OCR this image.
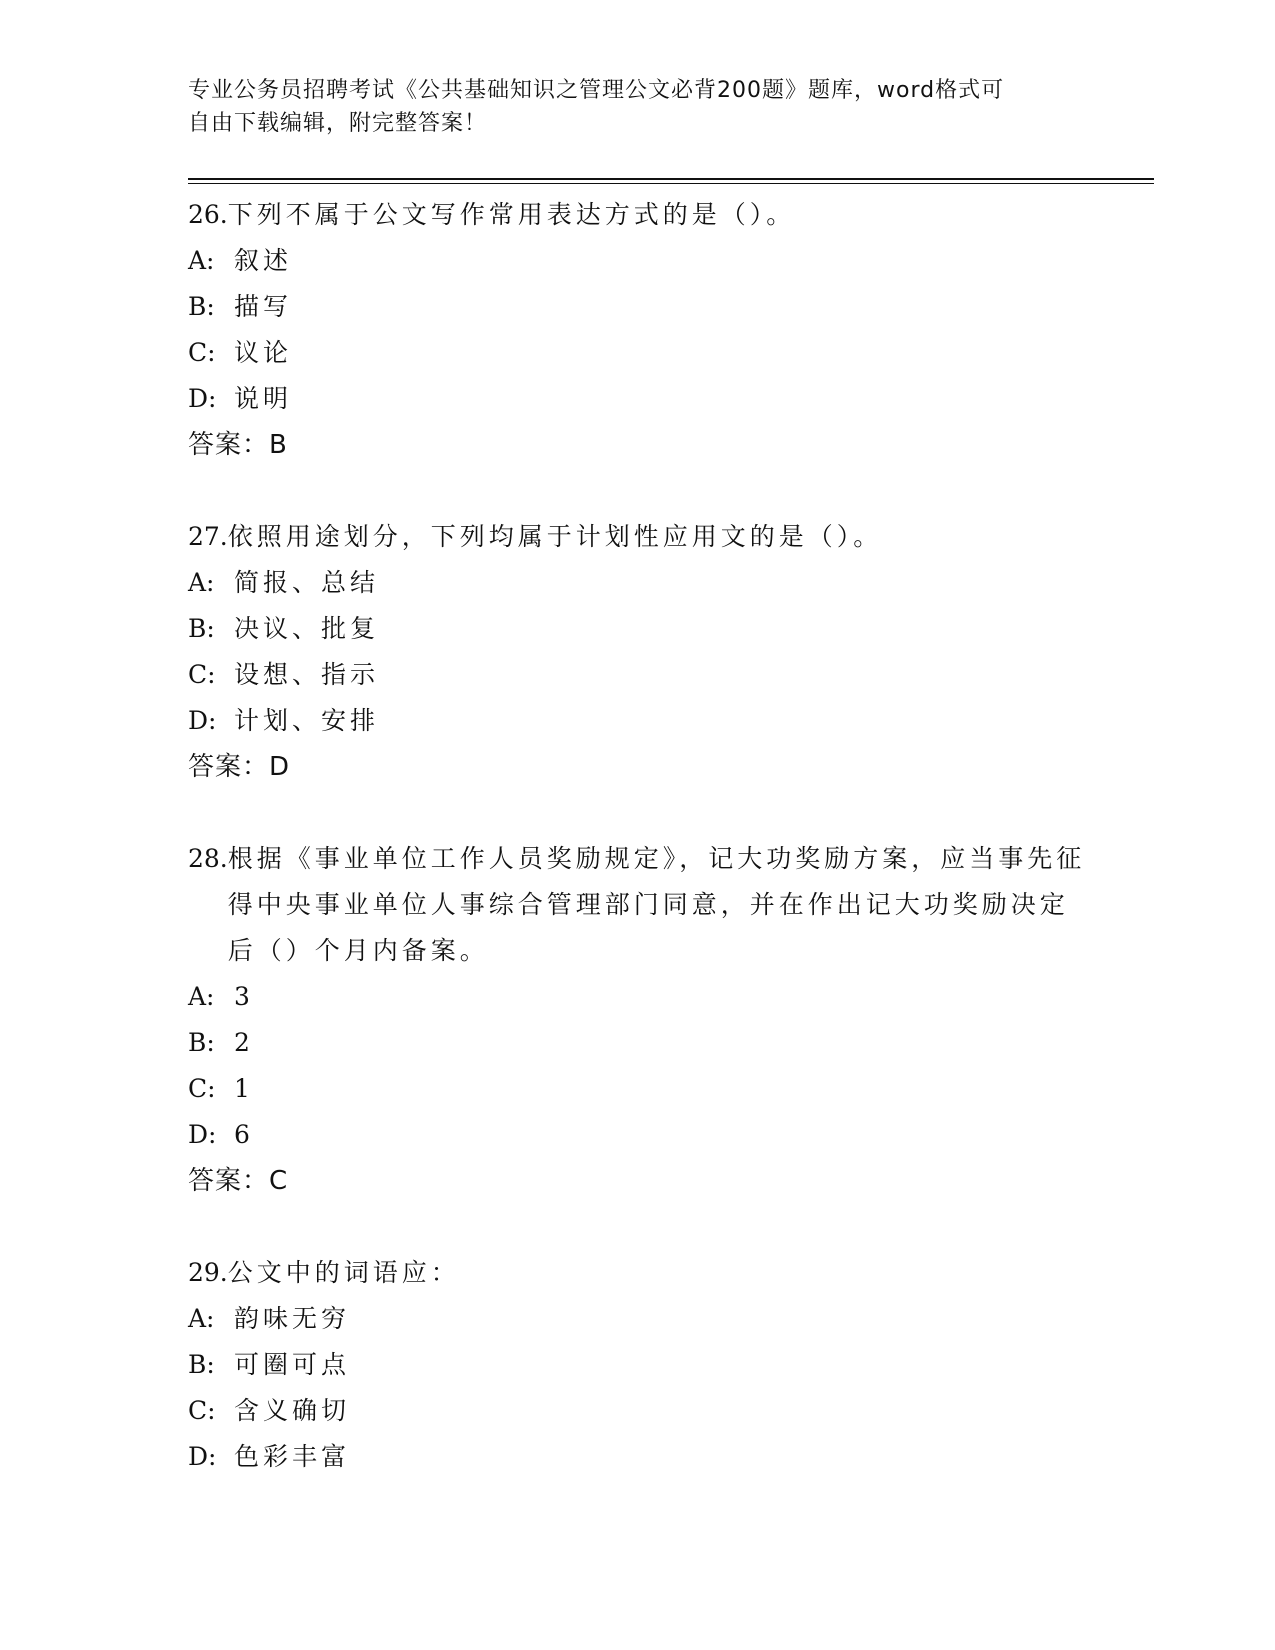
专业公务员招聘考试《公共基础知识之管理公文必背200题》题库，word格式可
自由下载编辑，附完整答案！
26. 下列不属于公文写作常用表达方式的是（）。
A: 叙述
B: 描写
C: 议论
D: 说明
答案：B
27. 依照用途划分，下列均属于计划性应用文的是（）。
A: 简报、总结
B: 决议、批复
C: 设想、指示
D: 计划、安排
答案：D
28. 根据《事业单位工作人员奖励规定》，记大功奖励方案，应当事先征得中央事业单位人事综合管理部门同意，并在作出记大功奖励决定后（）个月内备案。
A: 3
B: 2
C: 1
D: 6
答案：C
29. 公文中的词语应：
A: 韵味无穷
B: 可圈可点
C: 含义确切
D: 色彩丰富
